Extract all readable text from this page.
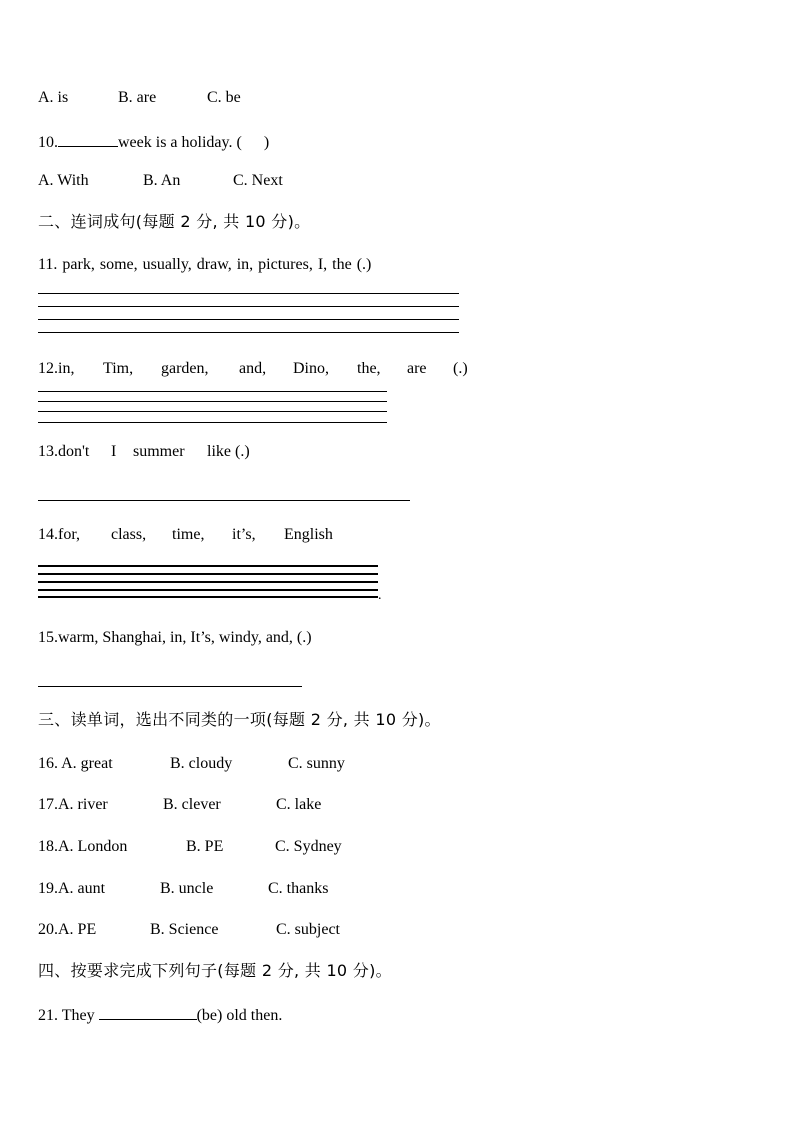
A. is	B. are	C. be
10.	week is a holiday. ( )
A. With	B. An	C. Next
二、连词成句(每题 2 分, 共 10 分)。
11. park, some, usually, draw, in, pictures, I, the (.)
12.in, Tim, garden, and, Dino, the, are (.)
13.don't I summer like (.)
14.for, class, time, it’s, English
.
15.warm, Shanghai, in, It’s, windy, and, (.)
三、读单词，选出不同类的一项(每题 2 分, 共 10 分)。
16. A. great	B. cloudy	C. sunny
17.A. river	B. clever	C. lake
18.A. London	B. PE	C. Sydney
19.A. aunt	B. uncle	C. thanks
20.A. PE	B. Science	C. subject
四、按要求完成下列句子(每题 2 分, 共 10 分)。
21. They	(be) old then.
